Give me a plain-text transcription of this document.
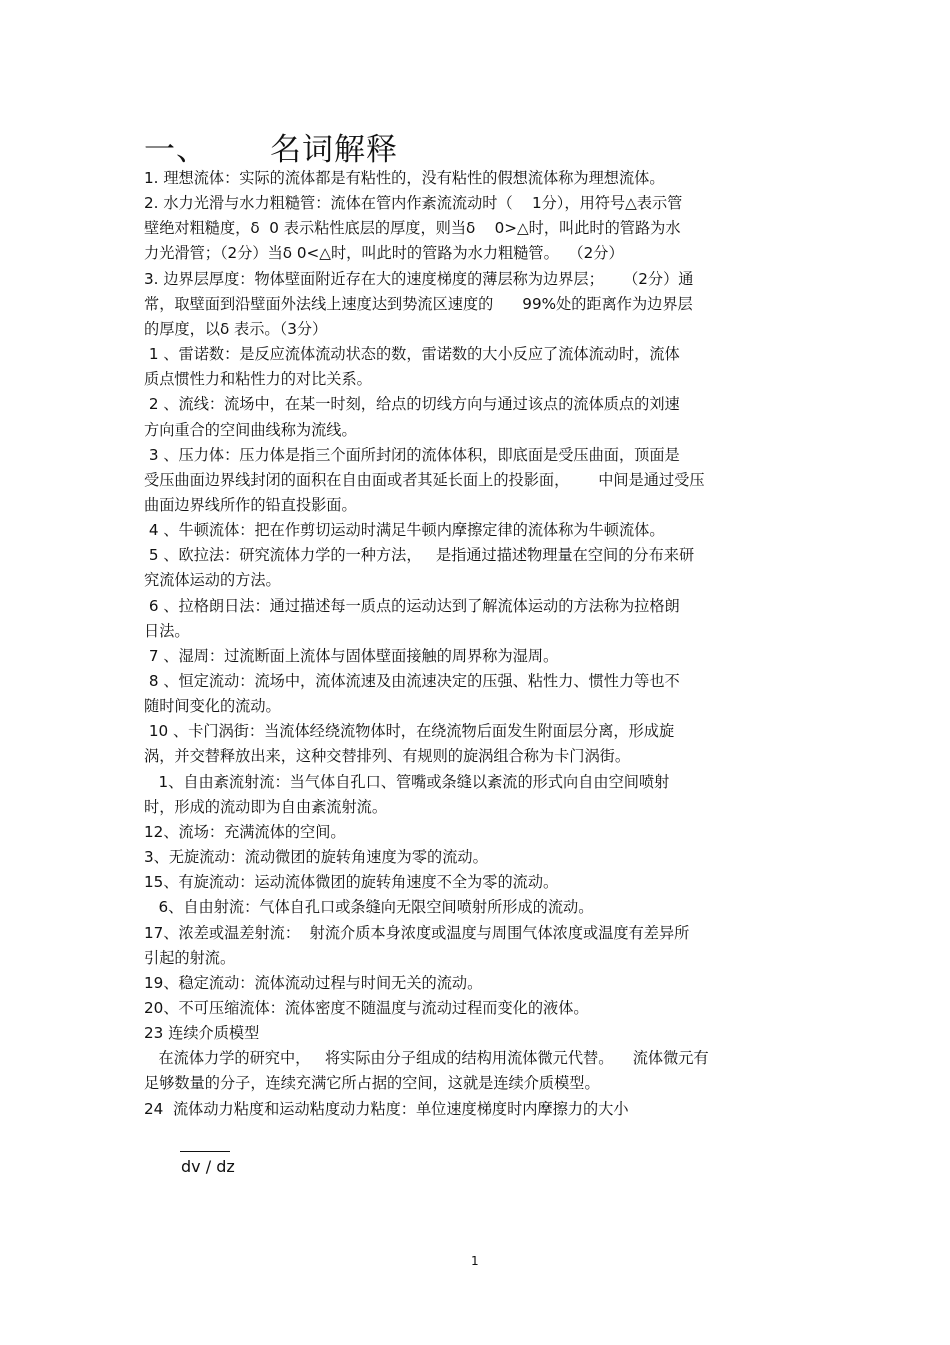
一、 名词解释
1. 理想流体：实际的流体都是有粘性的，没有粘性的假想流体称为理想流体。
2. 水力光滑与水力粗糙管：流体在管内作紊流流动时（    1分），用符号△表示管
壁绝对粗糙度，δ  0 表示粘性底层的厚度，则当δ    0>△时，叫此时的管路为水
力光滑管；（2分）当δ 0<△时，叫此时的管路为水力粗糙管。  （2分）
3. 边界层厚度：物体壁面附近存在大的速度梯度的薄层称为边界层；    （2分）通
常，取壁面到沿壁面外法线上速度达到势流区速度的      99%处的距离作为边界层
的厚度，以δ 表示。（3分）
1 、雷诺数：是反应流体流动状态的数，雷诺数的大小反应了流体流动时，流体
质点惯性力和粘性力的对比关系。
2 、流线：流场中，在某一时刻，给点的切线方向与通过该点的流体质点的刘速
方向重合的空间曲线称为流线。
3 、压力体：压力体是指三个面所封闭的流体体积，即底面是受压曲面，顶面是
受压曲面边界线封闭的面积在自由面或者其延长面上的投影面，      中间是通过受压
曲面边界线所作的铅直投影面。
4 、牛顿流体：把在作剪切运动时满足牛顿内摩擦定律的流体称为牛顿流体。
5 、欧拉法：研究流体力学的一种方法，   是指通过描述物理量在空间的分布来研
究流体运动的方法。
6 、拉格朗日法：通过描述每一质点的运动达到了解流体运动的方法称为拉格朗
日法。
7 、湿周：过流断面上流体与固体壁面接触的周界称为湿周。
8 、恒定流动：流场中，流体流速及由流速决定的压强、粘性力、惯性力等也不
随时间变化的流动。
10 、卡门涡街：当流体经绕流物体时，在绕流物后面发生附面层分离，形成旋
涡，并交替释放出来，这种交替排列、有规则的旋涡组合称为卡门涡街。
1、自由紊流射流：当气体自孔口、管嘴或条缝以紊流的形式向自由空间喷射
时，形成的流动即为自由紊流射流。
12、流场：充满流体的空间。
3、无旋流动：流动微团的旋转角速度为零的流动。
15、有旋流动：运动流体微团的旋转角速度不全为零的流动。
6、自由射流：气体自孔口或条缝向无限空间喷射所形成的流动。
17、浓差或温差射流：  射流介质本身浓度或温度与周围气体浓度或温度有差异所
引起的射流。
19、稳定流动：流体流动过程与时间无关的流动。
20、不可压缩流体：流体密度不随温度与流动过程而变化的液体。
23 连续介质模型
在流体力学的研究中，   将实际由分子组成的结构用流体微元代替。    流体微元有
足够数量的分子，连续充满它所占据的空间，这就是连续介质模型。
24  流体动力粘度和运动粘度动力粘度：单位速度梯度时内摩擦力的大小
dv / dz
1
